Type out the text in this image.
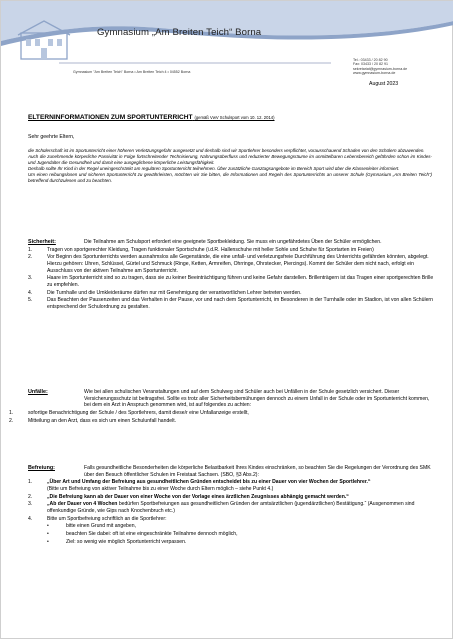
Gymnasium „Am Breiten Teich“ Borna
Gymnasium "Am Breiten Teich" Borna • Am Breiten Teich 4 • 04552 Borna
Tel.: 03433 / 20 82 90
Fax: 03433 / 20 82 91
sekretariat@gymnasium-borna.de
www.gymnasium-borna.de
August 2023
ELTERNINFORMATIONEN ZUM SPORTUNTERRICHT (gemäß VwV Schulsport vom 10. 12. 2014)
Sehr geehrte Eltern,

die Schülerschaft ist im Sportunterricht einer höheren Verletzungsgefahr ausgesetzt und deshalb sind wir Sportlehrer besonders verpflichtet, vorausschauend Schaden von den Schülern abzuwenden.

Auch die zunehmende körperliche Passivität in Folge fortschreitender Technisierung, Nahrungsüberfluss und reduzierter Bewegungsräume im unmittelbaren Lebensbereich gefährden schon im Kindes- und Jugendalter die Gesundheit und damit eine ausgeglichene körperliche Leistungsfähigkeit.

Deshalb sollte Ihr Kind in der Regel uneingeschränkt am regulären Sportunterricht teilnehmen. Über zusätzliche Ganztagsangebote im Bereich Sport wird über die Klassenleiter informiert.

Um einen reibungslosen und sicheren Sportunterricht zu gewährleisten, möchten wir Sie bitten, die Informationen und Regeln des Sportunterrichts an unserer Schule (Gymnasium „Am Breiten Teich“) betreffend durchzulesen und zu beachten.

Sicherheit:	Die Teilnahme am Schulsport erfordert eine geeignete Sportbekleidung. Sie muss ein ungefährdetes Üben der Schüler ermöglichen.

1.	Tragen von sportgerechter Kleidung, Tragen funktionaler Sportschuhe (i.d.R. Hallenschuhe mit heller Sohle und Schuhe für Sportarten im Freien)
2.	Vor Beginn des Sportunterrichts werden ausnahmslos alle Gegenstände, die eine unfall- und verletzungsfreie Durchführung des Unterrichts gefährden könnten, abgelegt. Hierzu gehören: Uhren, Schlüssel, Gürtel und Schmuck (Ringe, Ketten, Armreifen, Ohrringe, Ohrstecker, Piercings). Kommt der Schüler dem nicht nach, erfolgt ein Ausschluss von der aktiven Teilnahme am Sportunterricht.
3.	Haare im Sportunterricht sind so zu tragen, dass sie zu keiner Beeinträchtigung führen und keine Gefahr darstellen. Brillenträgern ist das Tragen einer sportgerechten Brille zu empfehlen.
4.	Die Turnhalle und die Umkleideräume dürfen nur mit Genehmigung der verantwortlichen Lehrer betreten werden.
5.	Das Beachten der Pausenzeiten und das Verhalten in der Pause, vor und nach dem Sportunterricht, im Besonderen in der Turnhalle oder im Stadion, ist von allen Schülern entsprechend der Schulordnung zu gestalten.
Unfälle:	Wie bei allen schulischen Veranstaltungen und auf dem Schulweg sind Schüler auch bei Unfällen in der Schule gesetzlich versichert. Dieser Versicherungsschutz ist beitragsfrei. Sollte es trotz aller Sicherheitsbemühungen dennoch zu einem Unfall in der Schule oder im Sportunterricht kommen, bei dem ein Arzt in Anspruch genommen wird, ist auf folgendes zu achten:

1.	sofortige Benachrichtigung der Schule / des Sportlehrers, damit diese/r eine Unfallanzeige erstellt,
2.	Mitteilung an den Arzt, dass es sich um einen Schulunfall handelt.
Befreiung:	Falls gesundheitliche Besonderheiten die körperliche Belastbarkeit Ihres Kindes einschränken, so beachten Sie die Regelungen der Verordnung des SMK über den Besuch öffentlicher Schulen im Freistaat Sachsen. (SBO, §3 Abs.2):

1.	„Über Art und Umfang der Befreiung aus gesundheitlichen Gründen entscheidet bis zu einer Dauer von vier Wochen der Sportlehrer.“
(Bitte um Befreiung von aktiver Teilnahme bis zu einer Woche durch Eltern möglich – siehe Punkt 4.)
2.	„Die Befreiung kann ab der Dauer von einer Woche von der Vorlage eines ärztlichen Zeugnisses abhängig gemacht werden.“
3.	„Ab der Dauer von 4 Wochen bedürfen Sportbefreiungen aus gesundheitlichen Gründen der amtsärztlichen (jugendärztlichen) Bestätigung.“ (Ausgenommen sind offenkundige Gründe, wie Gips nach Knochenbruch etc.)
4.	Bitte um Sportbefreiung schriftlich an die Sportlehrer:
• bitte einen Grund mit angeben,
• beachten Sie dabei: oft ist eine eingeschränkte Teilnahme dennoch möglich,
• Ziel: so wenig wie möglich Sportunterricht verpassen.
